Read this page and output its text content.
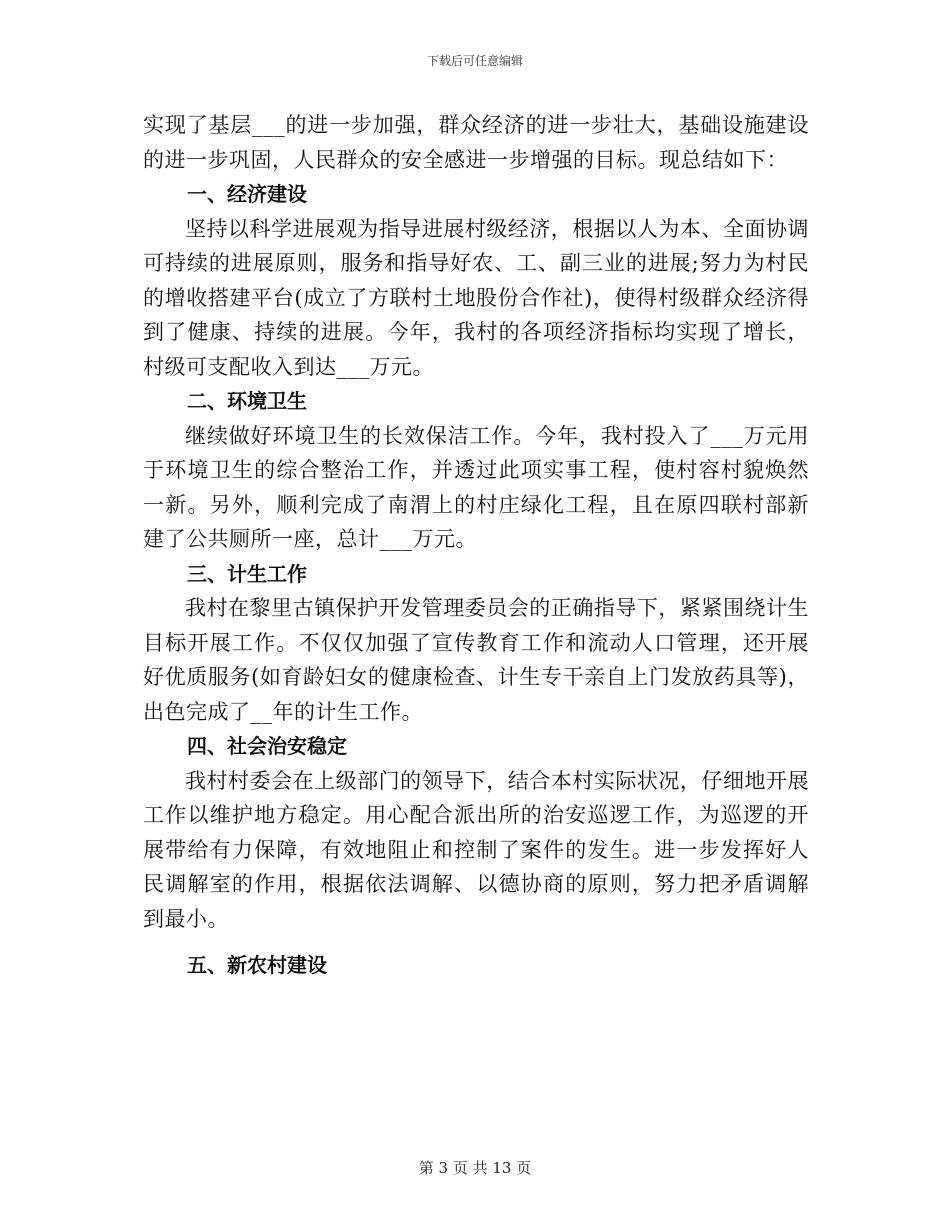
下载后可任意编辑

实现了基层___的进一步加强，群众经济的进一步壮大，基础设施建设的进一步巩固，人民群众的安全感进一步增强的目标。现总结如下：

一、经济建设

坚持以科学进展观为指导进展村级经济，根据以人为本、全面协调可持续的进展原则，服务和指导好农、工、副三业的进展;努力为村民的增收搭建平台(成立了方联村土地股份合作社)，使得村级群众经济得到了健康、持续的进展。今年，我村的各项经济指标均实现了增长，村级可支配收入到达___万元。

二、环境卫生

继续做好环境卫生的长效保洁工作。今年，我村投入了___万元用于环境卫生的综合整治工作，并透过此项实事工程，使村容村貌焕然一新。另外，顺利完成了南渭上的村庄绿化工程，且在原四联村部新建了公共厕所一座，总计___万元。

三、计生工作

我村在黎里古镇保护开发管理委员会的正确指导下，紧紧围绕计生目标开展工作。不仅仅加强了宣传教育工作和流动人口管理，还开展好优质服务(如育龄妇女的健康检查、计生专干亲自上门发放药具等)，出色完成了__年的计生工作。

四、社会治安稳定

我村村委会在上级部门的领导下，结合本村实际状况，仔细地开展工作以维护地方稳定。用心配合派出所的治安巡逻工作，为巡逻的开展带给有力保障，有效地阻止和控制了案件的发生。进一步发挥好人民调解室的作用，根据依法调解、以德协商的原则，努力把矛盾调解到最小。

五、新农村建设

第 3 页 共 13 页
